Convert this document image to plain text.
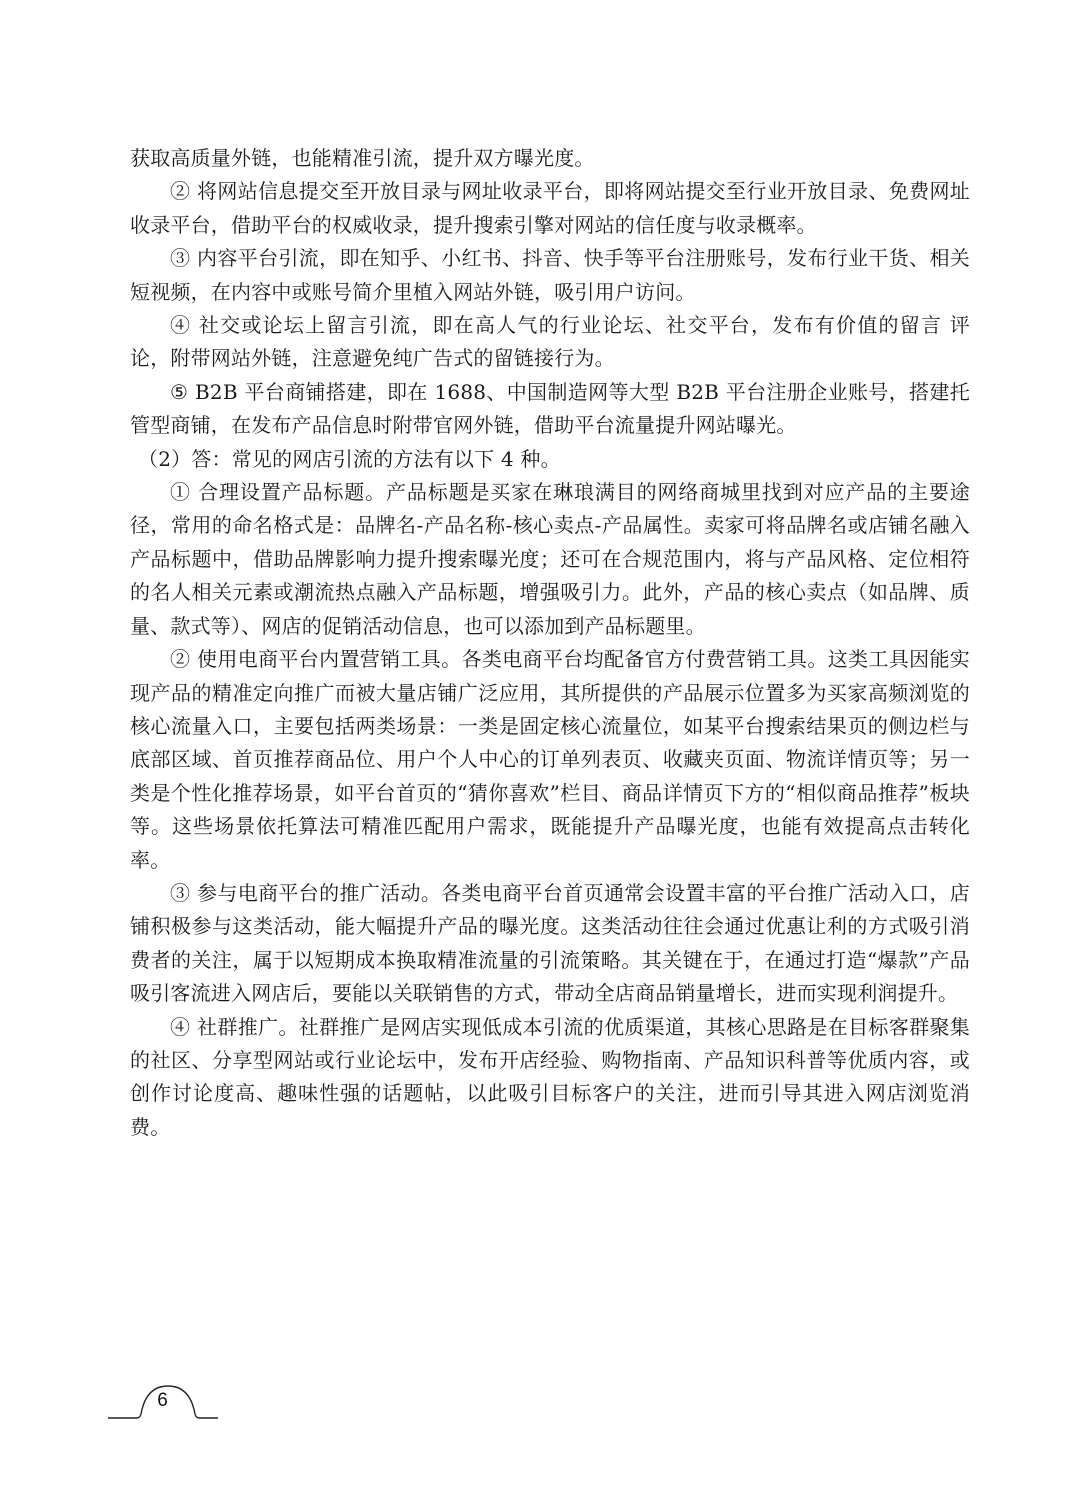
获取高质量外链，也能精准引流，提升双方曝光度。

② 将网站信息提交至开放目录与网址收录平台，即将网站提交至行业开放目录、免费网址收录平台，借助平台的权威收录，提升搜索引擎对网站的信任度与收录概率。

③ 内容平台引流，即在知乎、小红书、抖音、快手等平台注册账号，发布行业干货、相关短视频，在内容中或账号简介里植入网站外链，吸引用户访问。

④ 社交或论坛上留言引流，即在高人气的行业论坛、社交平台，发布有价值的留言 评论，附带网站外链，注意避免纯广告式的留链接行为。

⑤ B2B 平台商铺搭建，即在 1688、中国制造网等大型 B2B 平台注册企业账号，搭建托管型商铺，在发布产品信息时附带官网外链，借助平台流量提升网站曝光。

（2）答：常见的网店引流的方法有以下 4 种。

① 合理设置产品标题。产品标题是买家在琳琅满目的网络商城里找到对应产品的主要途径，常用的命名格式是：品牌名-产品名称-核心卖点-产品属性。卖家可将品牌名或店铺名融入产品标题中，借助品牌影响力提升搜索曝光度；还可在合规范围内，将与产品风格、定位相符的名人相关元素或潮流热点融入产品标题，增强吸引力。此外，产品的核心卖点（如品牌、质量、款式等）、网店的促销活动信息，也可以添加到产品标题里。

② 使用电商平台内置营销工具。各类电商平台均配备官方付费营销工具。这类工具因能实现产品的精准定向推广而被大量店铺广泛应用，其所提供的产品展示位置多为买家高频浏览的核心流量入口，主要包括两类场景：一类是固定核心流量位，如某平台搜索结果页的侧边栏与底部区域、首页推荐商品位、用户个人中心的订单列表页、收藏夹页面、物流详情页等；另一类是个性化推荐场景，如平台首页的“猜你喜欢”栏目、商品详情页下方的“相似商品推荐”板块等。这些场景依托算法可精准匹配用户需求，既能提升产品曝光度，也能有效提高点击转化率。

③ 参与电商平台的推广活动。各类电商平台首页通常会设置丰富的平台推广活动入口，店铺积极参与这类活动，能大幅提升产品的曝光度。这类活动往往会通过优惠让利的方式吸引消费者的关注，属于以短期成本换取精准流量的引流策略。其关键在于，在通过打造“爆款”产品吸引客流进入网店后，要能以关联销售的方式，带动全店商品销量增长，进而实现利润提升。

④ 社群推广。社群推广是网店实现低成本引流的优质渠道，其核心思路是在目标客群聚集的社区、分享型网站或行业论坛中，发布开店经验、购物指南、产品知识科普等优质内容，或创作讨论度高、趣味性强的话题帖，以此吸引目标客户的关注，进而引导其进入网店浏览消费。

6
